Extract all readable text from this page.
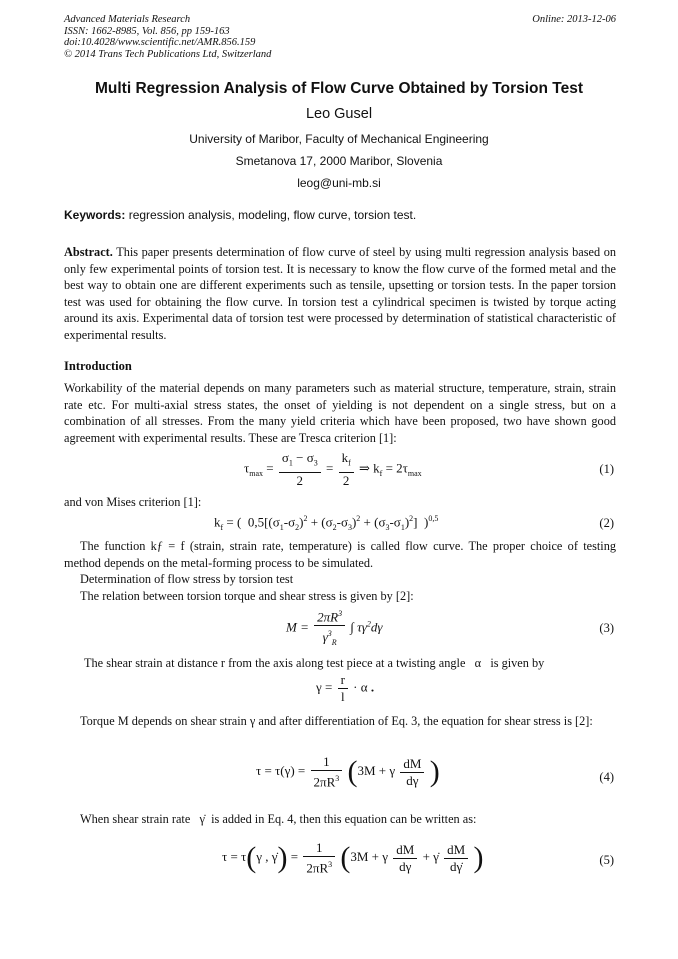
Advanced Materials Research
ISSN: 1662-8985, Vol. 856, pp 159-163
doi:10.4028/www.scientific.net/AMR.856.159
© 2014 Trans Tech Publications Ltd, Switzerland
Online: 2013-12-06
Multi Regression Analysis of Flow Curve Obtained by Torsion Test
Leo Gusel
University of Maribor, Faculty of Mechanical Engineering
Smetanova 17, 2000 Maribor, Slovenia
leog@uni-mb.si
Keywords: regression analysis, modeling, flow curve, torsion test.
Abstract. This paper presents determination of flow curve of steel by using multi regression analysis based on only few experimental points of torsion test. It is necessary to know the flow curve of the formed metal and the best way to obtain one are different experiments such as tensile, upsetting or torsion tests. In the paper torsion test was used for obtaining the flow curve. In torsion test a cylindrical specimen is twisted by torque acting around its axis. Experimental data of torsion test were processed by determination of statistical characteristic of experimental results.
Introduction
Workability of the material depends on many parameters such as material structure, temperature, strain, strain rate etc. For multi-axial stress states, the onset of yielding is not dependent on a single stress, but on a combination of all stresses. From the many yield criteria which have been proposed, two have shown good agreement with experimental results. These are Tresca criterion [1]:
$\tau_{max} = \frac{\sigma_1 - \sigma_3}{2} = \frac{k_f}{2}$ ⇒ $k_f = 2\tau_{max}$	(1)
and von Mises criterion [1]:
$k_f$ = (  $0,5[(\sigma_1-\sigma_2)^2 + (\sigma_2-\sigma_3)^2 + (\sigma_3-\sigma_1)^2]$  )$^{0,5}$	(2)
The function kƒ = f (strain, strain rate, temperature) is called flow curve. The proper choice of testing method depends on the metal-forming process to be simulated.
Determination of flow stress by torsion test
The relation between torsion torque and shear stress is given by [2]:
$M = \frac{2\pi R^3}{\gamma^3_R}$ ∫ $\tau\gamma^2d\gamma$	(3)
The shear strain at distance r from the axis along test piece at a twisting angle   α   is given by
$\gamma = \frac{r}{l} \cdot \alpha$ .
Torque M depends on shear strain γ and after differentiation of Eq. 3, the equation for shear stress is [2]:
$\tau = \tau(\gamma) = \frac{1}{2\pi R^3} (3M + \gamma \frac{dM}{d\gamma}$ )	(4)
When shear strain rate   γ̇  is added in Eq. 4, then this equation can be written as:
τ = τ(γ , γ̇) = $\frac{1}{2\pi R^3} (3M + \gamma \frac{dM}{d\gamma}$ + γ̇ $\frac{dM}{d\gammȧ}$ )	(5)
